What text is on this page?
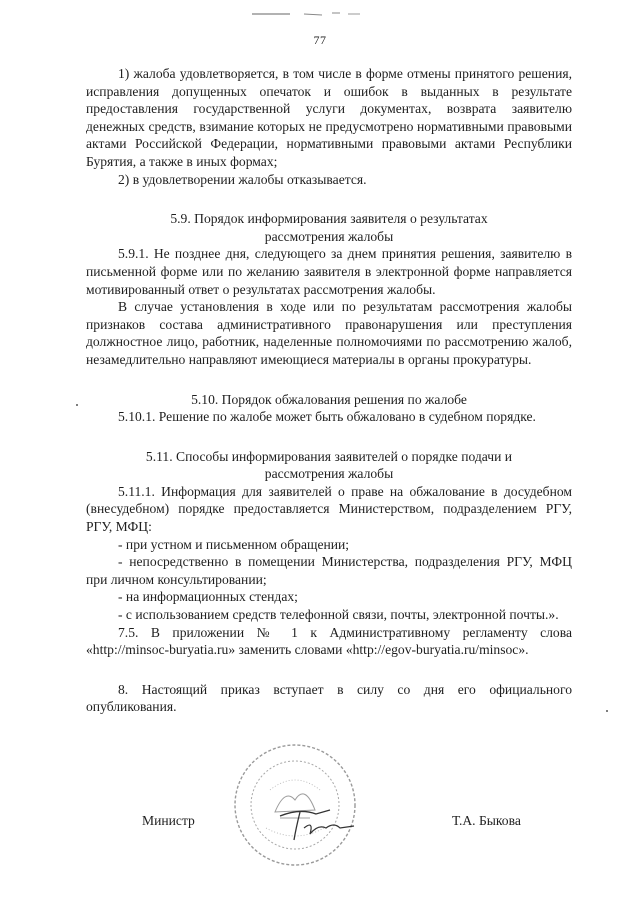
77

1) жалоба удовлетворяется, в том числе в форме отмены принятого решения, исправления допущенных опечаток и ошибок в выданных в результате предоставления государственной услуги документах, возврата заявителю денежных средств, взимание которых не предусмотрено нормативными правовыми актами Российской Федерации, нормативными правовыми актами Республики Бурятия, а также в иных формах;

2) в удовлетворении жалобы отказывается.

5.9. Порядок информирования заявителя о результатах рассмотрения жалобы

5.9.1. Не позднее дня, следующего за днем принятия решения, заявителю в письменной форме или по желанию заявителя в электронной форме направляется мотивированный ответ о результатах рассмотрения жалобы.

В случае установления в ходе или по результатам рассмотрения жалобы признаков состава административного правонарушения или преступления должностное лицо, работник, наделенные полномочиями по рассмотрению жалоб, незамедлительно направляют имеющиеся материалы в органы прокуратуры.

5.10. Порядок обжалования решения по жалобе

5.10.1. Решение по жалобе может быть обжаловано в судебном порядке.

5.11. Способы информирования заявителей о порядке подачи и рассмотрения жалобы

5.11.1. Информация для заявителей о праве на обжалование в досудебном (внесудебном) порядке предоставляется Министерством, подразделением РГУ, РГУ, МФЦ:

- при устном и письменном обращении;
- непосредственно в помещении Министерства, подразделения РГУ, МФЦ при личном консультировании;
- на информационных стендах;
- с использованием средств телефонной связи, почты, электронной почты.».
7.5. В приложении № 1 к Административному регламенту слова «http://minsoc-buryatia.ru» заменить словами «http://egov-buryatia.ru/minsoc».

8. Настоящий приказ вступает в силу со дня его официального опубликования.

Министр	Т.А. Быкова
